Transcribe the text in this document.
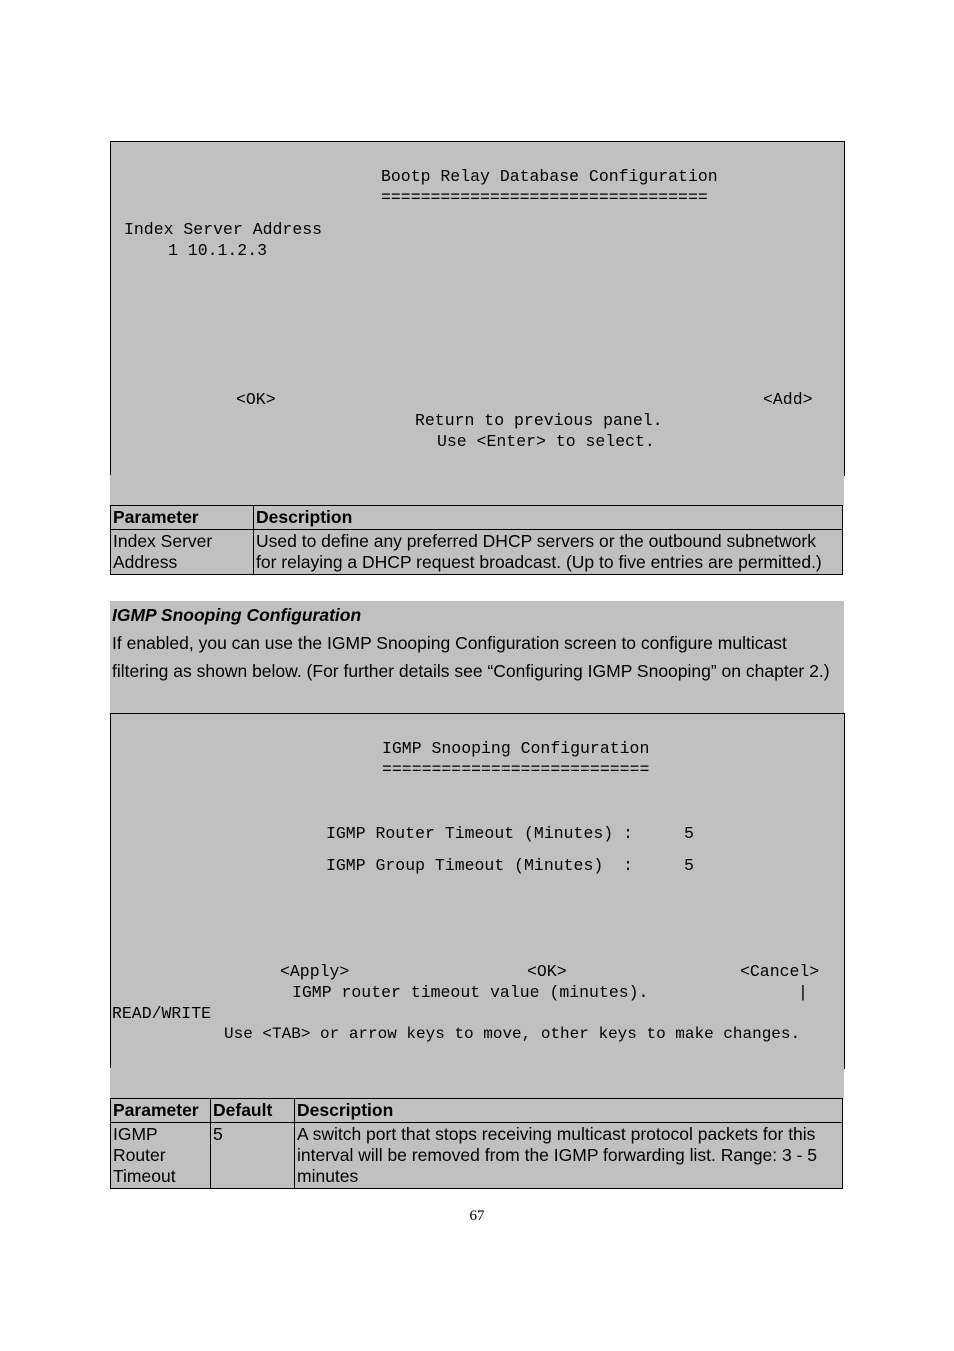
Bootp Relay Database Configuration
=================================
Index Server Address
1 10.1.2.3
<OK>	<Add>
Return to previous panel.
Use <Enter> to select.
Parameter	Description
Index Server Address	Used to define any preferred DHCP servers or the outbound subnetwork for relaying a DHCP request broadcast. (Up to five entries are permitted.)
IGMP Snooping Configuration
If enabled, you can use the IGMP Snooping Configuration screen to configure multicast filtering as shown below. (For further details see “Configuring IGMP Snooping” on chapter 2.)
IGMP Snooping Configuration
===========================
IGMP Router Timeout (Minutes) : 5
IGMP Group Timeout (Minutes)  : 5
<Apply>	<OK>	<Cancel>
IGMP router timeout value (minutes).	|
READ/WRITE
Use <TAB> or arrow keys to move, other keys to make changes.
Parameter	Default	Description
IGMP Router Timeout	5	A switch port that stops receiving multicast protocol packets for this interval will be removed from the IGMP forwarding list. Range: 3 - 5 minutes
67
